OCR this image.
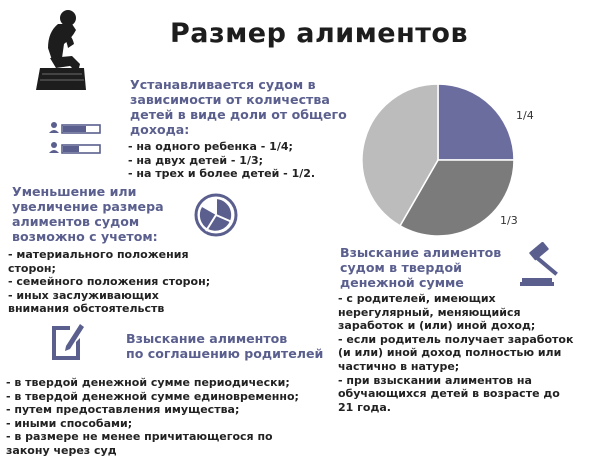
Размер алиментов
Устанавливается судом в
зависимости от количества
детей в виде доли от общего
дохода:
- на одного ребенка - 1/4;
- на двух детей - 1/3;
- на трех и более детей - 1/2.
1/4
1/3
Уменьшение или
увеличение размера
алиментов судом
возможно с учетом:
- материального положения
сторон;
- семейного положения сторон;
- иных заслуживающих
внимания обстоятельств
Взыскание алиментов
судом в твердой
денежной сумме
- с родителей, имеющих
нерегулярный, меняющийся
заработок и (или) иной доход;
- если родитель получает заработок
(и или) иной доход полностью или
частично в натуре;
- при взыскании алиментов на
обучающихся детей в возрасте до
21 года.
Взыскание алиментов
по соглашению родителей
- в твердой денежной сумме периодически;
- в твердой денежной сумме единовременно;
- путем предоставления имущества;
- иными способами;
- в размере не менее причитающегося по
закону через суд
